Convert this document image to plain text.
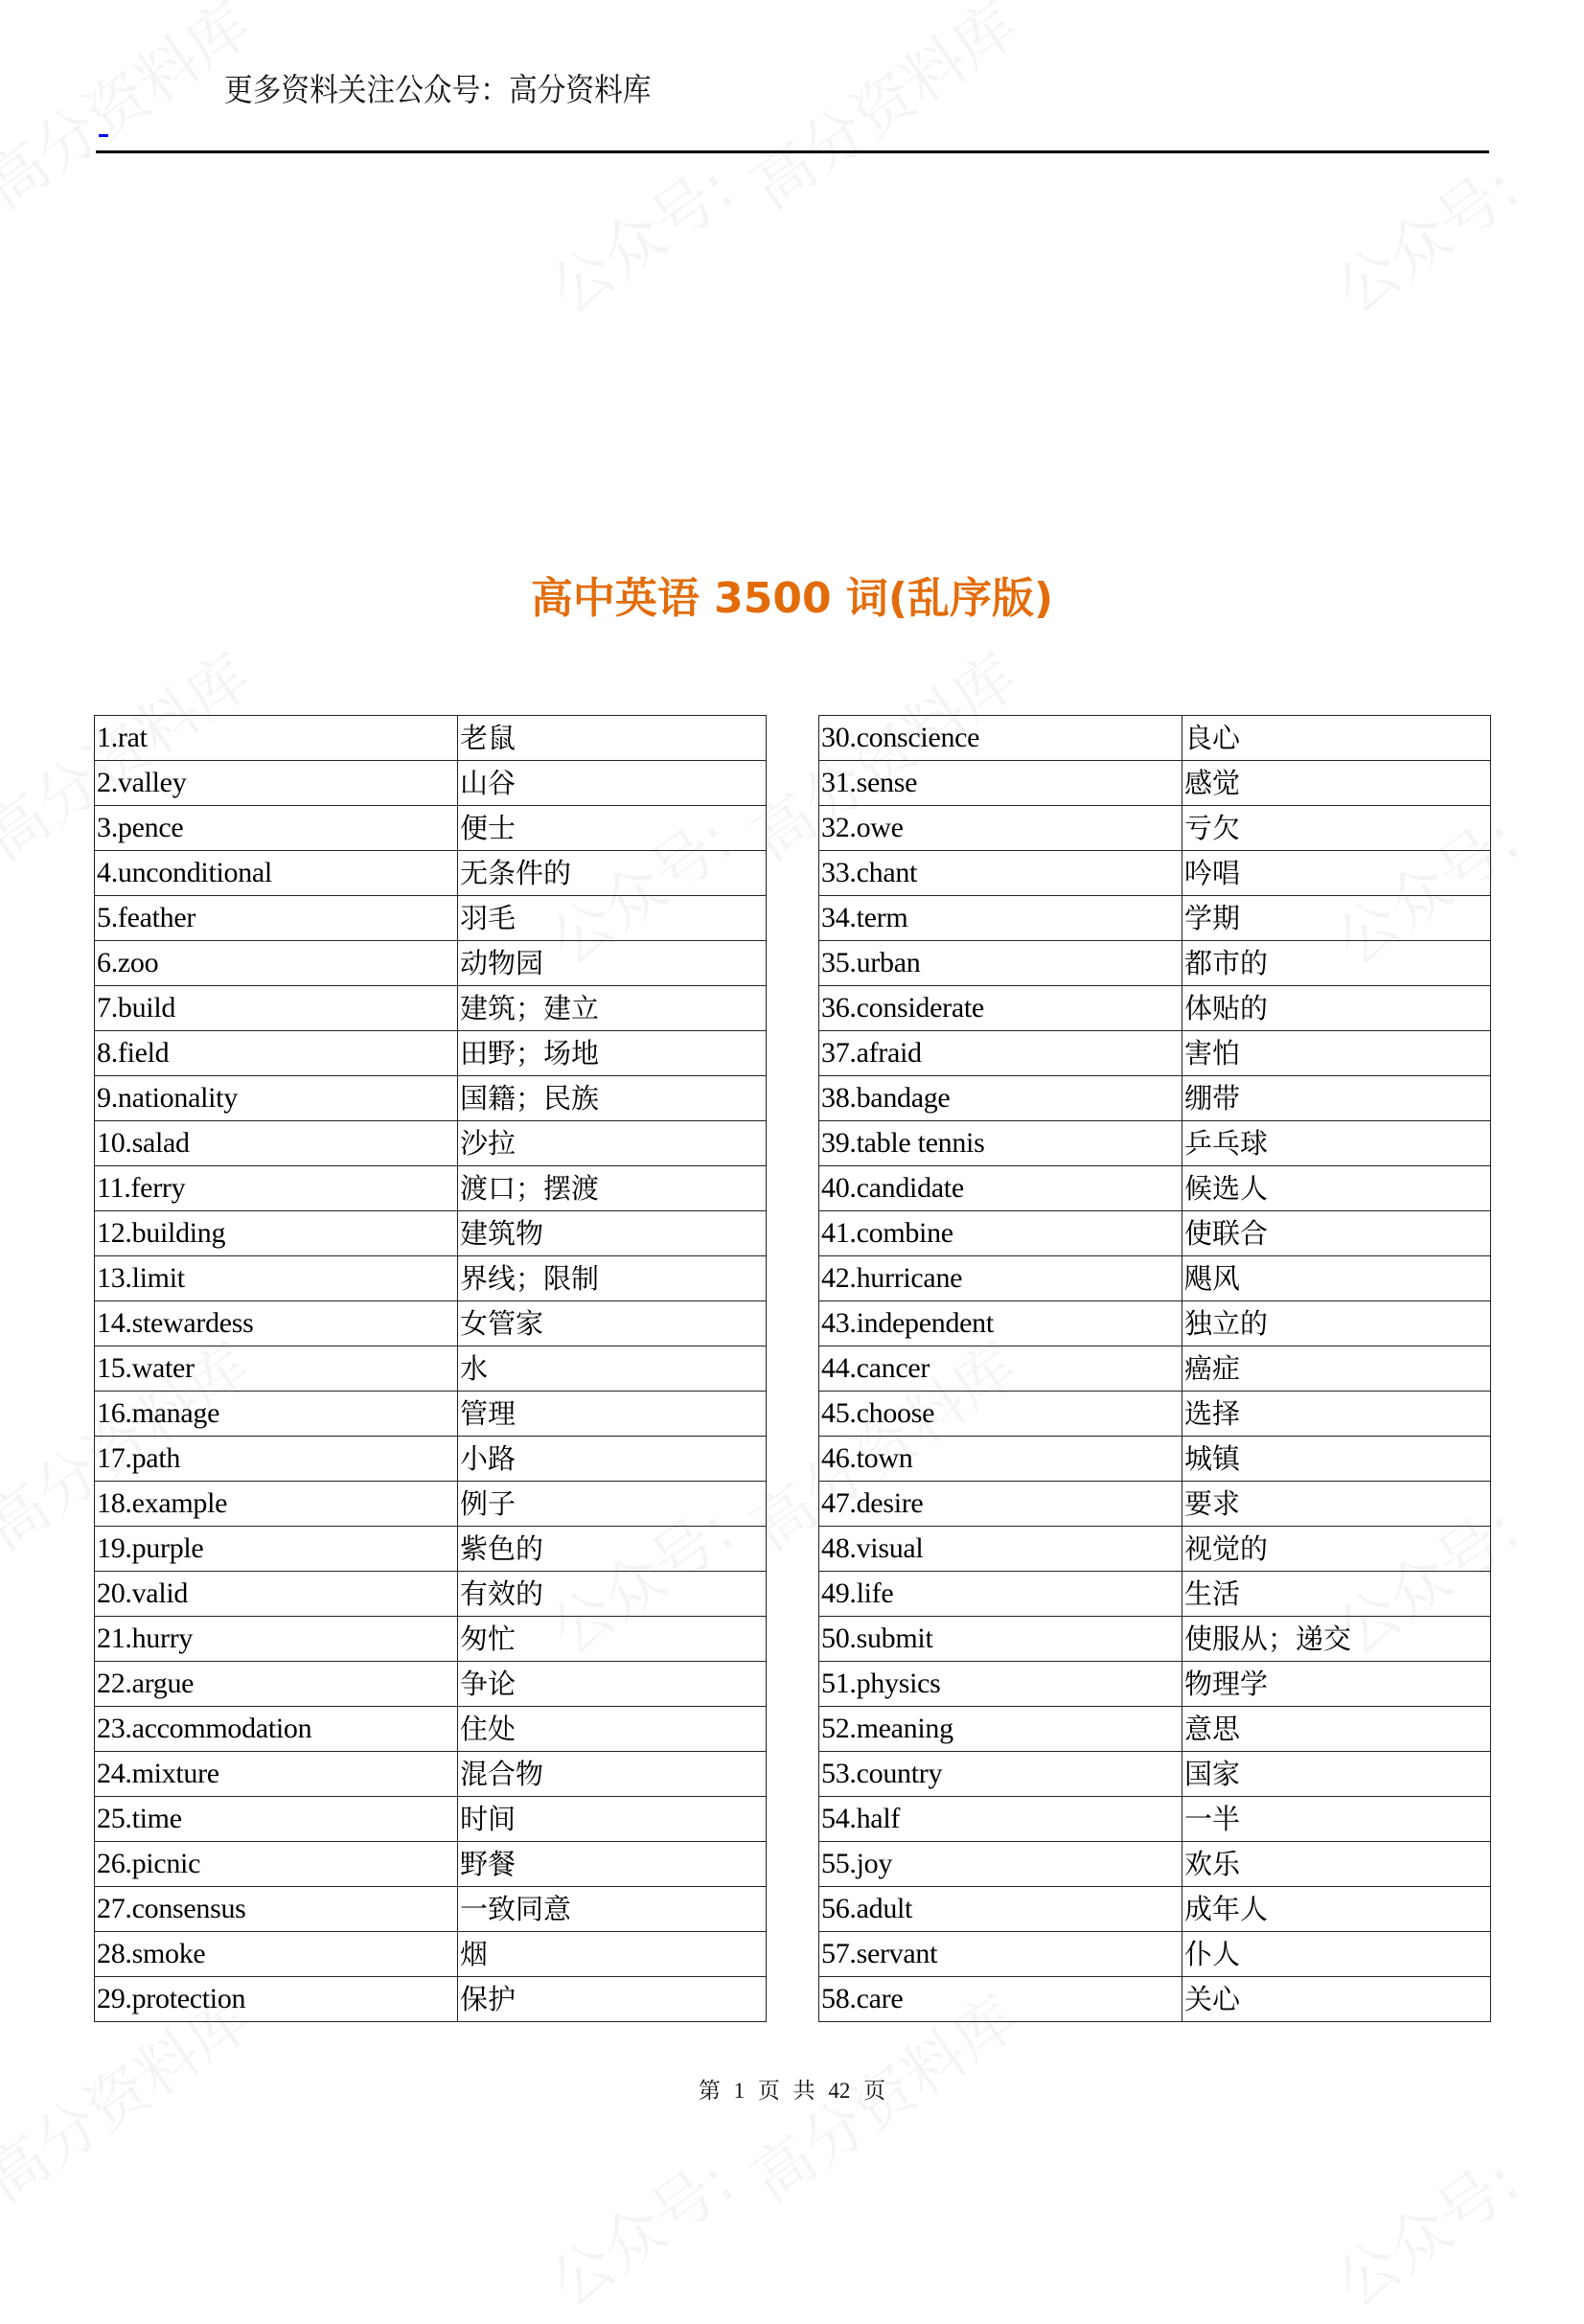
更多资料关注公众号：高分资料库
高中英语 3500 词(乱序版)
1.rat	老鼠
2.valley	山谷
3.pence	便士
4.unconditional	无条件的
5.feather	羽毛
6.zoo	动物园
7.build	建筑；建立
8.field	田野；场地
9.nationality	国籍；民族
10.salad	沙拉
11.ferry	渡口；摆渡
12.building	建筑物
13.limit	界线；限制
14.stewardess	女管家
15.water	水
16.manage	管理
17.path	小路
18.example	例子
19.purple	紫色的
20.valid	有效的
21.hurry	匆忙
22.argue	争论
23.accommodation	住处
24.mixture	混合物
25.time	时间
26.picnic	野餐
27.consensus	一致同意
28.smoke	烟
29.protection	保护
30.conscience	良心
31.sense	感觉
32.owe	亏欠
33.chant	吟唱
34.term	学期
35.urban	都市的
36.considerate	体贴的
37.afraid	害怕
38.bandage	绷带
39.table tennis	乒乓球
40.candidate	候选人
41.combine	使联合
42.hurricane	飓风
43.independent	独立的
44.cancer	癌症
45.choose	选择
46.town	城镇
47.desire	要求
48.visual	视觉的
49.life	生活
50.submit	使服从；递交
51.physics	物理学
52.meaning	意思
53.country	国家
54.half	一半
55.joy	欢乐
56.adult	成年人
57.servant	仆人
58.care	关心
第 1 页 共 42 页
